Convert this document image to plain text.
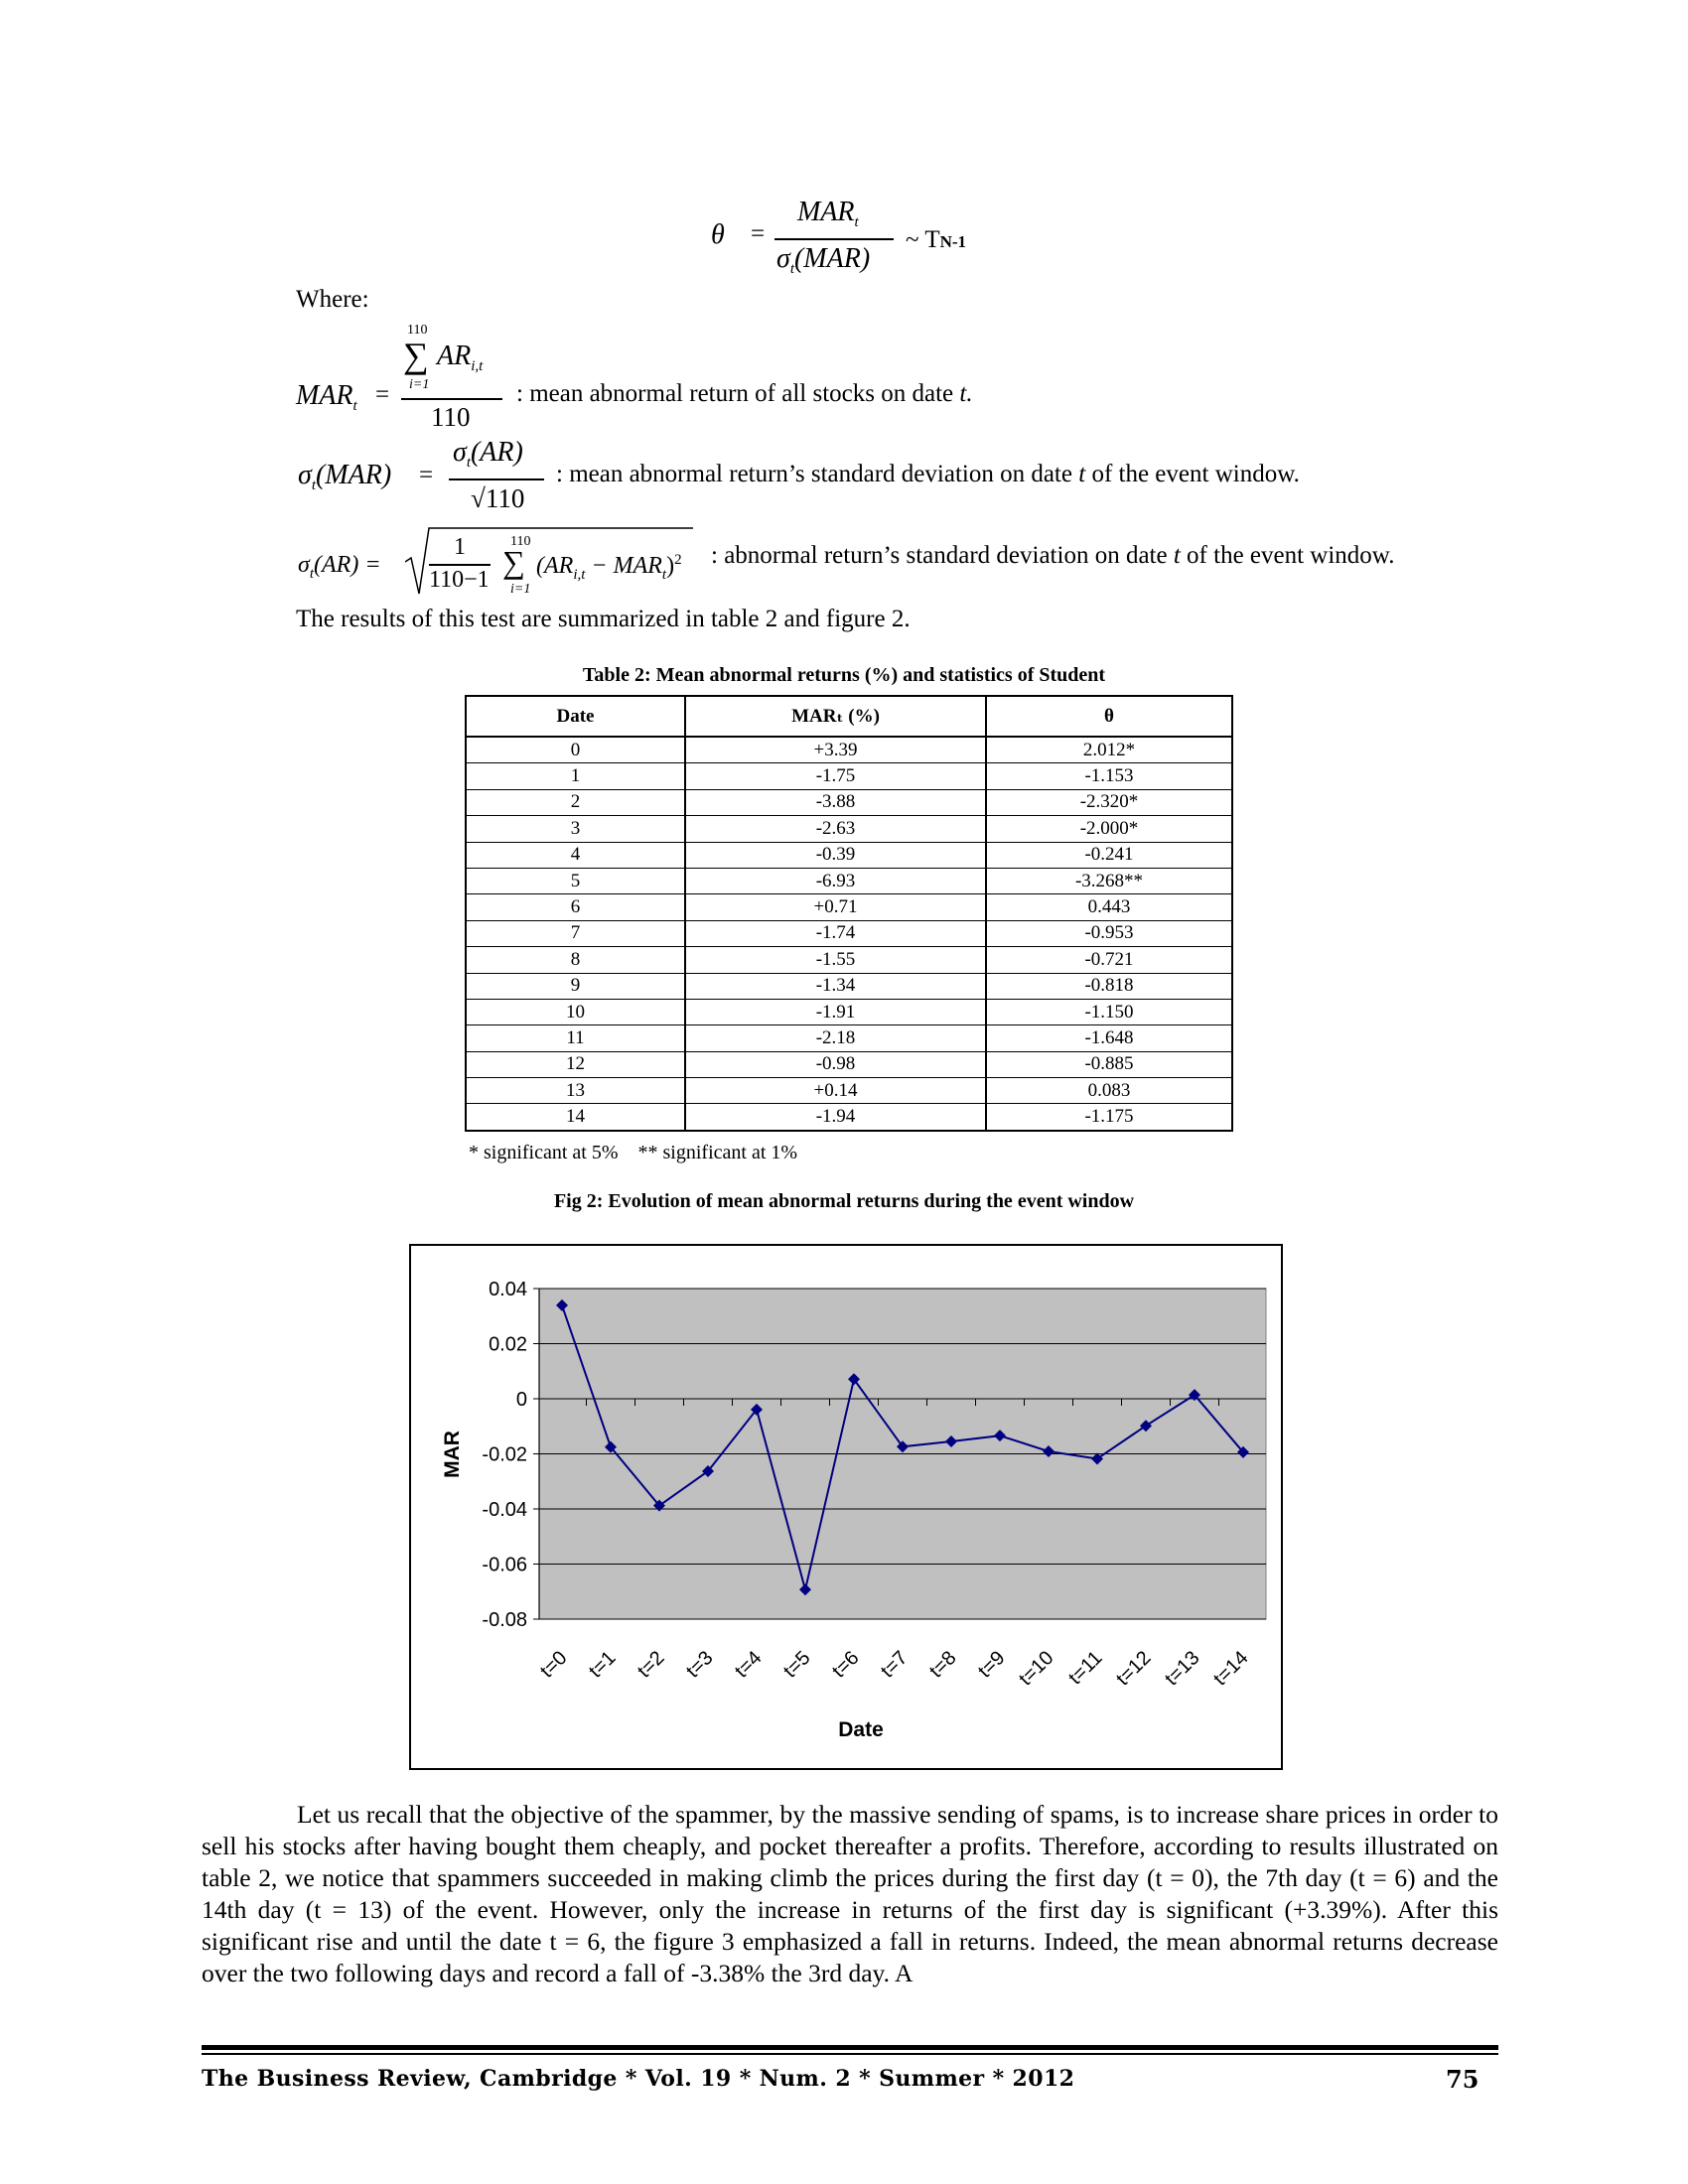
θ =
$MAR_t$
$\sigma_t(MAR)$
~ TN-1
Where:
$MAR_t$ =
110
∑ $AR_{i,t}$
i=1
110
: mean abnormal return of all stocks on date t.
$\sigma_t(MAR)$ =
$\sigma_t(AR)$
√110
: mean abnormal return’s standard deviation on date t of the event window.
$\sigma_t(AR)$ =
1
110−1
110
∑
i=1
$(AR_{i,t} - MAR_t)^2$ : abnormal return’s standard deviation on date t of the event window.
The results of this test are summarized in table 2 and figure 2.
Table 2: Mean abnormal returns (%) and statistics of Student
Date	MARₜ (%)	θ
0	+3.39	2.012*
1	-1.75	-1.153
2	-3.88	-2.320*
3	-2.63	-2.000*
4	-0.39	-0.241
5	-6.93	-3.268**
6	+0.71	0.443
7	-1.74	-0.953
8	-1.55	-0.721
9	-1.34	-0.818
10	-1.91	-1.150
11	-2.18	-1.648
12	-0.98	-0.885
13	+0.14	0.083
14	-1.94	-1.175
* significant at 5%    ** significant at 1%
Fig 2: Evolution of mean abnormal returns during the event window
0.04
0.02
0
-0.02
-0.04
-0.06
-0.08
t=0 t=1 t=2 t=3 t=4 t=5 t=6 t=7 t=8 t=9 t=10 t=11 t=12 t=13 t=14
Date
MAR
Let us recall that the objective of the spammer, by the massive sending of spams, is to increase share prices in order to sell his stocks after having bought them cheaply, and pocket thereafter a profits. Therefore, according to results illustrated on table 2, we notice that spammers succeeded in making climb the prices during the first day (t = 0), the 7th day (t = 6) and the 14th day (t = 13) of the event. However, only the increase in returns of the first day is significant (+3.39%). After this significant rise and until the date t = 6, the figure 3 emphasized a fall in returns. Indeed, the mean abnormal returns decrease over the two following days and record a fall of -3.38% the 3rd day. A
The Business Review, Cambridge * Vol. 19 * Num. 2 * Summer * 2012	75
